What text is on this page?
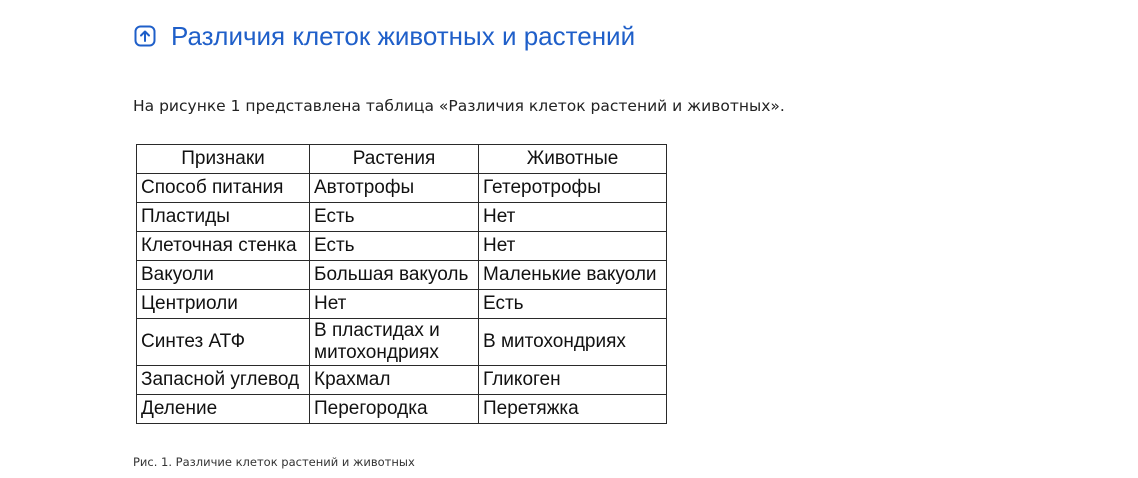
Различия клеток животных и растений

На рисунке 1 представлена таблица «Различия клеток растений и животных».

Признаки	Растения	Животные
Способ питания	Автотрофы	Гетеротрофы
Пластиды	Есть	Нет
Клеточная стенка	Есть	Нет
Вакуоли	Большая вакуоль	Маленькие вакуоли
Центриоли	Нет	Есть
Синтез АТФ	В пластидах и митохондриях	В митохондриях
Запасной углевод	Крахмал	Гликоген
Деление	Перегородка	Перетяжка

Рис. 1. Различие клеток растений и животных
